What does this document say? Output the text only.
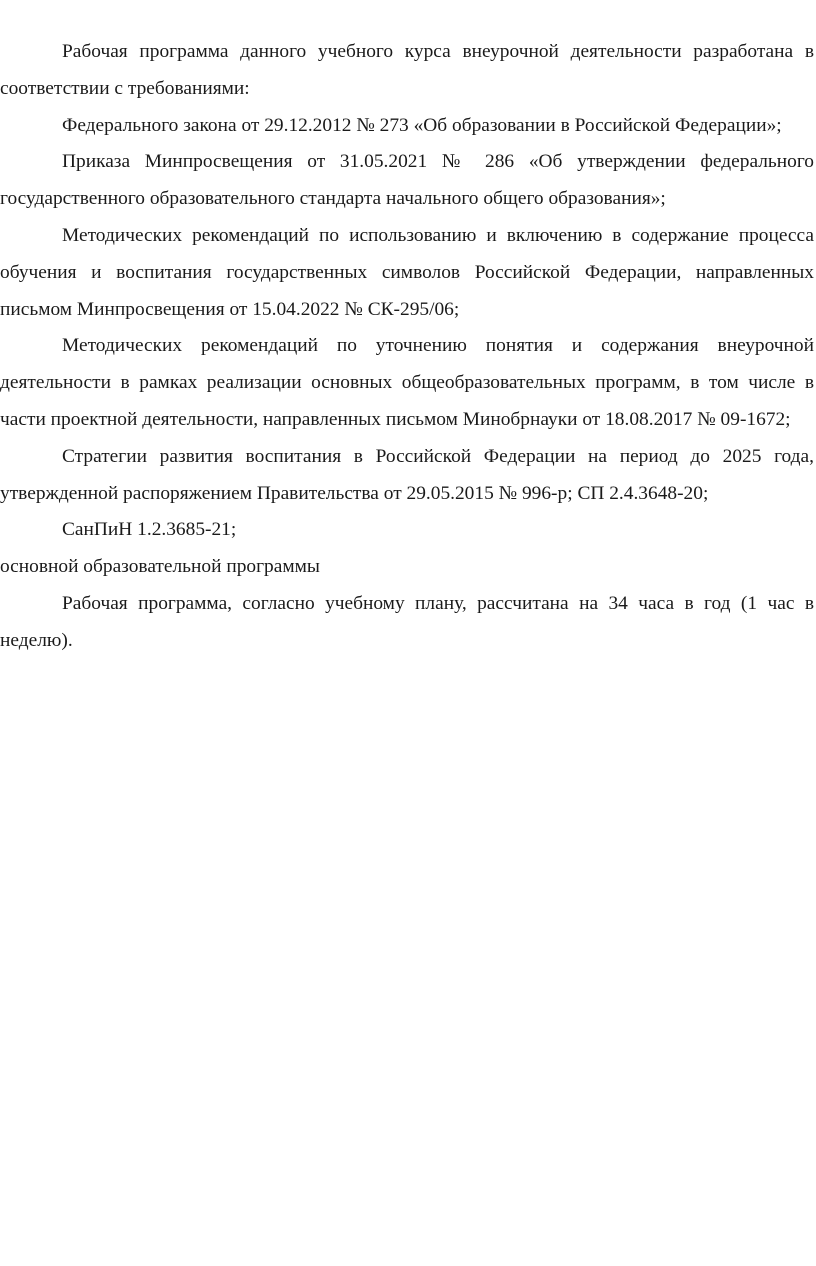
Рабочая программа данного учебного курса внеурочной деятельности разработана в соответствии с требованиями:

Федерального закона от 29.12.2012 № 273 «Об образовании в Российской Федерации»;

Приказа Минпросвещения от 31.05.2021 № 286 «Об утверждении федерального государственного образовательного стандарта начального общего образования»;

Методических рекомендаций по использованию и включению в содержание процесса обучения и воспитания государственных символов Российской Федерации, направленных письмом Минпросвещения от 15.04.2022 № СК-295/06;

Методических рекомендаций по уточнению понятия и содержания внеурочной деятельности в рамках реализации основных общеобразовательных программ, в том числе в части проектной деятельности, направленных письмом Минобрнауки от 18.08.2017 № 09-1672;

Стратегии развития воспитания в Российской Федерации на период до 2025 года, утвержденной распоряжением Правительства от 29.05.2015 № 996-р; СП 2.4.3648-20;

СанПиН 1.2.3685-21;

основной образовательной программы

Рабочая программа, согласно учебному плану, рассчитана на 34 часа в год (1 час в неделю).
